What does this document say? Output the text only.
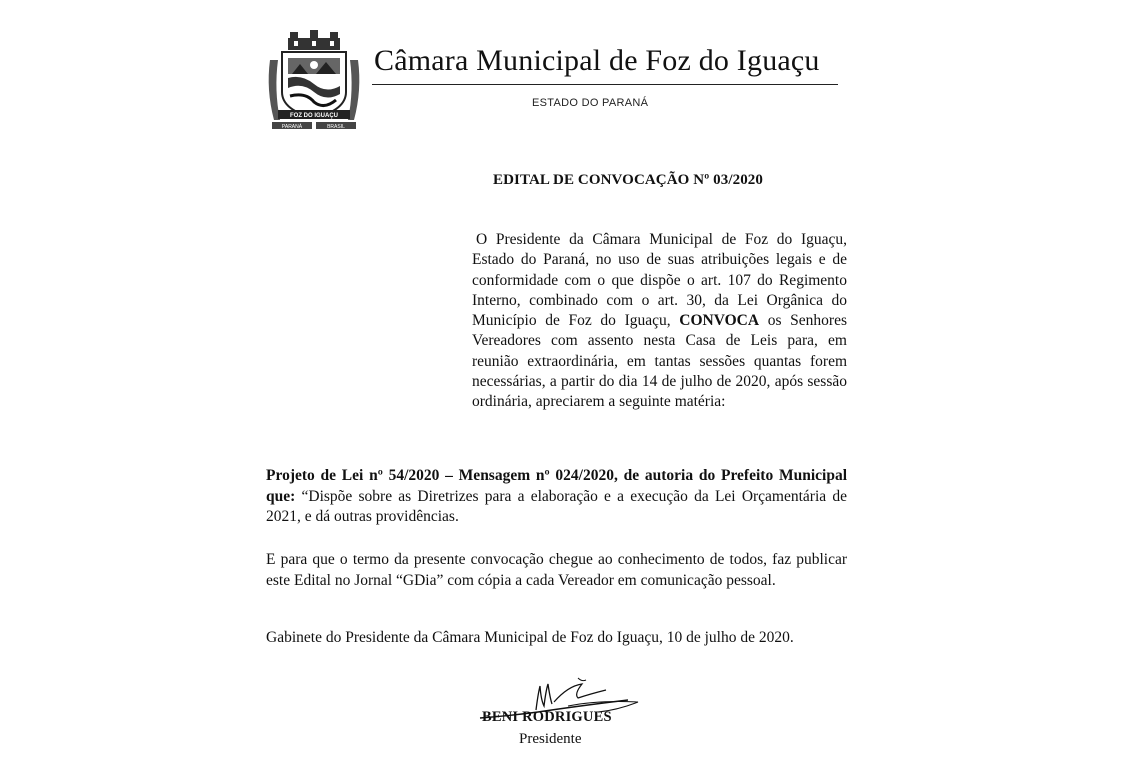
FOZ DO IGUAÇU
PARANÁ	BRASIL
Câmara Municipal de Foz do Iguaçu
ESTADO DO PARANÁ
EDITAL DE CONVOCAÇÃO Nº 03/2020
O Presidente da Câmara Municipal de Foz do Iguaçu, Estado do Paraná, no uso de suas atribuições legais e de conformidade com o que dispõe o art. 107 do Regimento Interno, combinado com o art. 30, da Lei Orgânica do Município de Foz do Iguaçu, CONVOCA os Senhores Vereadores com assento nesta Casa de Leis para, em reunião extraordinária, em tantas sessões quantas forem necessárias, a partir do dia 14 de julho de 2020, após sessão ordinária, apreciarem a seguinte matéria:
Projeto de Lei nº 54/2020 – Mensagem nº 024/2020, de autoria do Prefeito Municipal que: “Dispõe sobre as Diretrizes para a elaboração e a execução da Lei Orçamentária de 2021, e dá outras providências.
E para que o termo da presente convocação chegue ao conhecimento de todos, faz publicar este Edital no Jornal “GDia” com cópia a cada Vereador em comunicação pessoal.
Gabinete do Presidente da Câmara Municipal de Foz do Iguaçu, 10 de julho de 2020.
BENI RODRIGUES
Presidente
